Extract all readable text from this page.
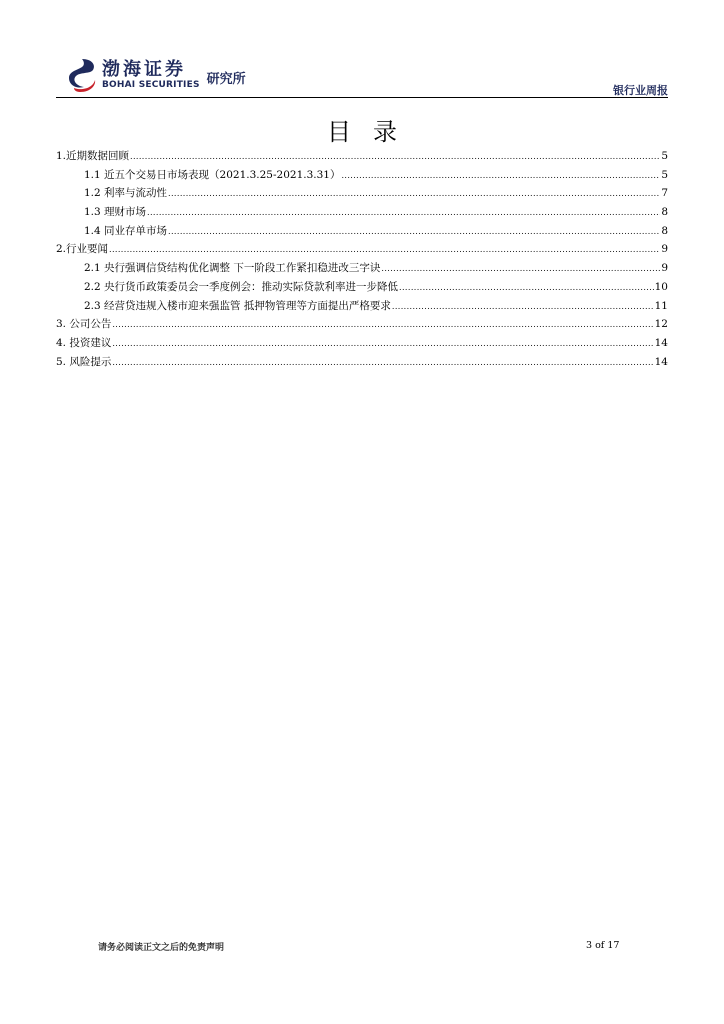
渤海证券
BOHAI SECURITIES 研究所
银行业周报
目录
1.近期数据回顾 .....	5
1.1 近五个交易日市场表现（2021.3.25-2021.3.31） .....	5
1.2 利率与流动性 .....	7
1.3 理财市场 .....	8
1.4 同业存单市场 .....	8
2.行业要闻 .....	9
2.1 央行强调信贷结构优化调整 下一阶段工作紧扣稳进改三字诀 .....	9
2.2 央行货币政策委员会一季度例会：推动实际贷款利率进一步降低 .....	10
2.3 经营贷违规入楼市迎来强监管 抵押物管理等方面提出严格要求 .....	11
3. 公司公告 .....	12
4. 投资建议 .....	14
5. 风险提示 .....	14
请务必阅读正文之后的免责声明	3 of 17
